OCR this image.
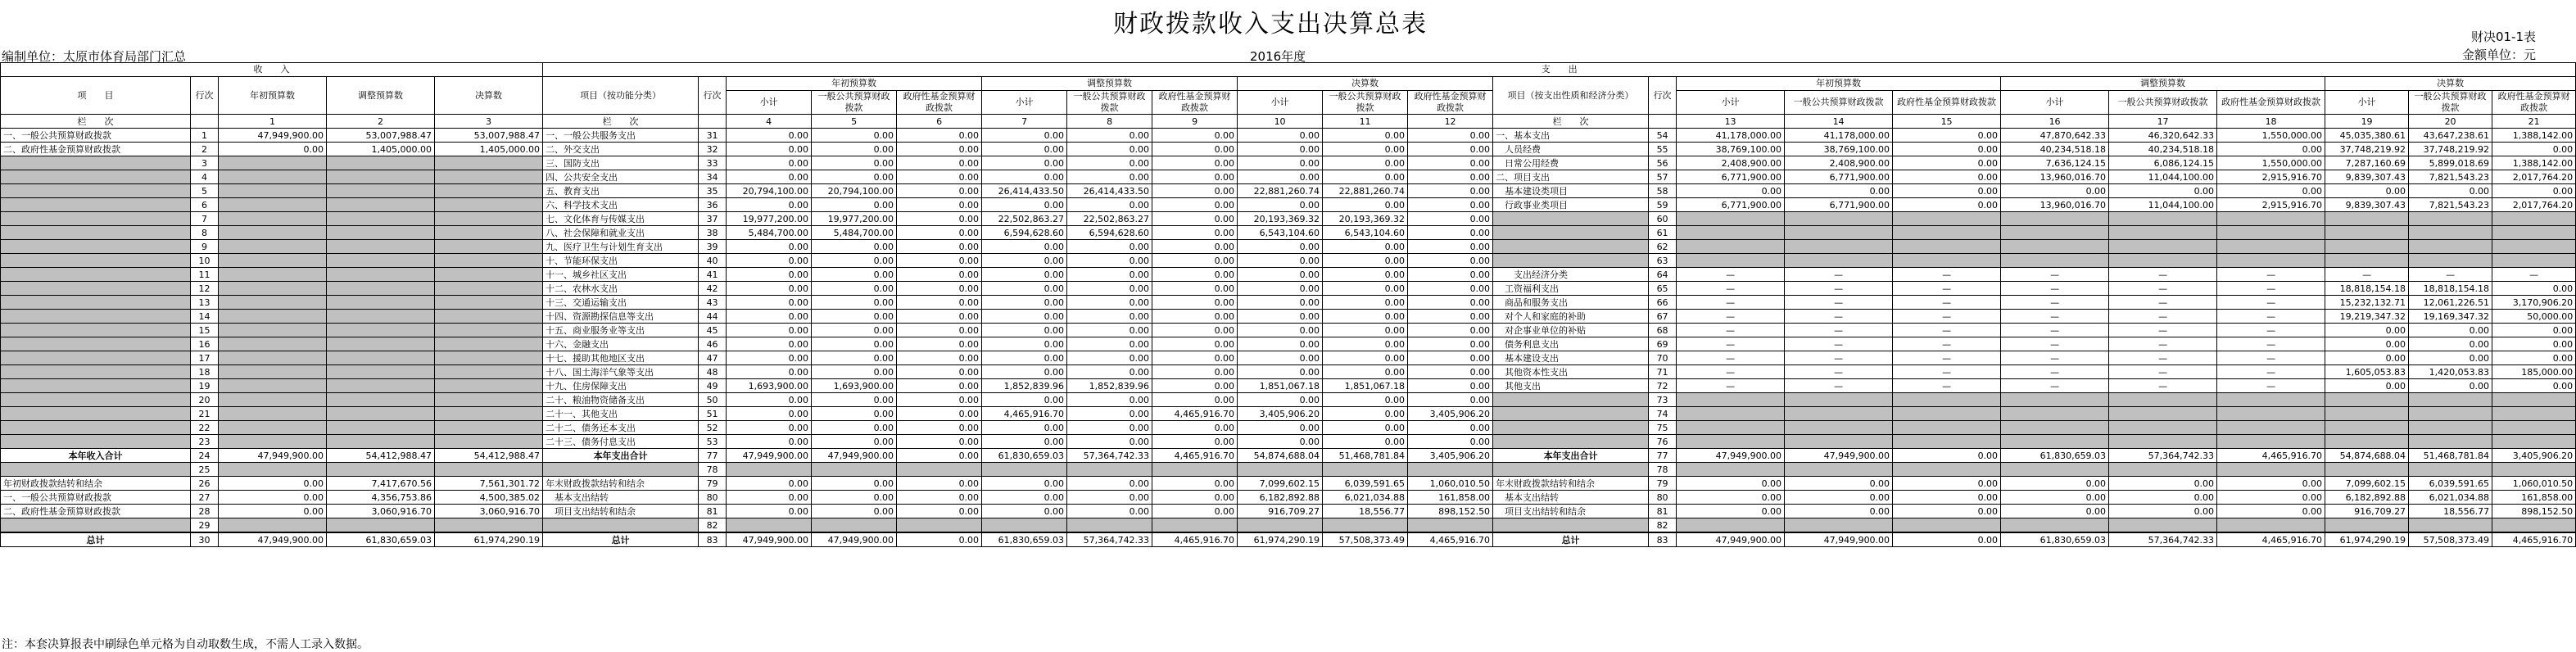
财政拨款收入支出决算总表	财决01-1表
编制单位：太原市体育局部门汇总	2016年度	金额单位：元
收　　入					支　　出																					
项　　目	行次	年初预算数	调整预算数	决算数	项目（按功能分类）	行次	年初预算数			调整预算数			决算数			项目（按支出性质和经济分类）	行次	年初预算数			调整预算数			决算数		
							小计	一般公共预算财政拨款	政府性基金预算财政拨款	小计	一般公共预算财政拨款	政府性基金预算财政拨款	小计	一般公共预算财政拨款	政府性基金预算财政拨款			小计	一般公共预算财政拨款	政府性基金预算财政拨款	小计	一般公共预算财政拨款	政府性基金预算财政拨款	小计	一般公共预算财政拨款	政府性基金预算财政拨款

栏　　次		1	2	3	栏　　次		4	5	6	7	8	9	10	11	12	栏　　次		13	14	15	16	17	18	19	20	21
一、一般公共预算财政拨款	1	47,949,900.00	53,007,988.47	53,007,988.47	一、一般公共服务支出	31	0.00	0.00	0.00	0.00	0.00	0.00	0.00	0.00	0.00	一、基本支出	54	41,178,000.00	41,178,000.00	0.00	47,870,642.33	46,320,642.33	1,550,000.00	45,035,380.61	43,647,238.61	1,388,142.00
二、政府性基金预算财政拨款	2	0.00	1,405,000.00	1,405,000.00	二、外交支出	32	0.00	0.00	0.00	0.00	0.00	0.00	0.00	0.00	0.00	　人员经费	55	38,769,100.00	38,769,100.00	0.00	40,234,518.18	40,234,518.18	0.00	37,748,219.92	37,748,219.92	0.00
	3				三、国防支出	33	0.00	0.00	0.00	0.00	0.00	0.00	0.00	0.00	0.00	　日常公用经费	56	2,408,900.00	2,408,900.00	0.00	7,636,124.15	6,086,124.15	1,550,000.00	7,287,160.69	5,899,018.69	1,388,142.00
	4				四、公共安全支出	34	0.00	0.00	0.00	0.00	0.00	0.00	0.00	0.00	0.00	二、项目支出	57	6,771,900.00	6,771,900.00	0.00	13,960,016.70	11,044,100.00	2,915,916.70	9,839,307.43	7,821,543.23	2,017,764.20
	5				五、教育支出	35	20,794,100.00	20,794,100.00	0.00	26,414,433.50	26,414,433.50	0.00	22,881,260.74	22,881,260.74	0.00	　基本建设类项目	58	0.00	0.00	0.00	0.00	0.00	0.00	0.00	0.00	0.00
	6				六、科学技术支出	36	0.00	0.00	0.00	0.00	0.00	0.00	0.00	0.00	0.00	　行政事业类项目	59	6,771,900.00	6,771,900.00	0.00	13,960,016.70	11,044,100.00	2,915,916.70	9,839,307.43	7,821,543.23	2,017,764.20
	7				七、文化体育与传媒支出	37	19,977,200.00	19,977,200.00	0.00	22,502,863.27	22,502,863.27	0.00	20,193,369.32	20,193,369.32	0.00		60									
	8				八、社会保障和就业支出	38	5,484,700.00	5,484,700.00	0.00	6,594,628.60	6,594,628.60	0.00	6,543,104.60	6,543,104.60	0.00		61									
	9				九、医疗卫生与计划生育支出	39	0.00	0.00	0.00	0.00	0.00	0.00	0.00	0.00	0.00		62									
	10				十、节能环保支出	40	0.00	0.00	0.00	0.00	0.00	0.00	0.00	0.00	0.00		63									
	11				十一、城乡社区支出	41	0.00	0.00	0.00	0.00	0.00	0.00	0.00	0.00	0.00	　　支出经济分类	64	—	—	—	—	—	—	—	—	—
	12				十二、农林水支出	42	0.00	0.00	0.00	0.00	0.00	0.00	0.00	0.00	0.00	　工资福利支出	65	—	—	—	—	—	—	18,818,154.18	18,818,154.18	0.00
	13				十三、交通运输支出	43	0.00	0.00	0.00	0.00	0.00	0.00	0.00	0.00	0.00	　商品和服务支出	66	—	—	—	—	—	—	15,232,132.71	12,061,226.51	3,170,906.20
	14				十四、资源勘探信息等支出	44	0.00	0.00	0.00	0.00	0.00	0.00	0.00	0.00	0.00	　对个人和家庭的补助	67	—	—	—	—	—	—	19,219,347.32	19,169,347.32	50,000.00
	15				十五、商业服务业等支出	45	0.00	0.00	0.00	0.00	0.00	0.00	0.00	0.00	0.00	　对企事业单位的补贴	68	—	—	—	—	—	—	0.00	0.00	0.00
	16				十六、金融支出	46	0.00	0.00	0.00	0.00	0.00	0.00	0.00	0.00	0.00	　债务利息支出	69	—	—	—	—	—	—	0.00	0.00	0.00
	17				十七、援助其他地区支出	47	0.00	0.00	0.00	0.00	0.00	0.00	0.00	0.00	0.00	　基本建设支出	70	—	—	—	—	—	—	0.00	0.00	0.00
	18				十八、国土海洋气象等支出	48	0.00	0.00	0.00	0.00	0.00	0.00	0.00	0.00	0.00	　其他资本性支出	71	—	—	—	—	—	—	1,605,053.83	1,420,053.83	185,000.00
	19				十九、住房保障支出	49	1,693,900.00	1,693,900.00	0.00	1,852,839.96	1,852,839.96	0.00	1,851,067.18	1,851,067.18	0.00	　其他支出	72	—	—	—	—	—	—	0.00	0.00	0.00
	20				二十、粮油物资储备支出	50	0.00	0.00	0.00	0.00	0.00	0.00	0.00	0.00	0.00		73									
	21				二十一、其他支出	51	0.00	0.00	0.00	4,465,916.70	0.00	4,465,916.70	3,405,906.20	0.00	3,405,906.20		74									
	22				二十二、债务还本支出	52	0.00	0.00	0.00	0.00	0.00	0.00	0.00	0.00	0.00		75									
	23				二十三、债务付息支出	53	0.00	0.00	0.00	0.00	0.00	0.00	0.00	0.00	0.00		76									
本年收入合计	24	47,949,900.00	54,412,988.47	54,412,988.47	本年支出合计	77	47,949,900.00	47,949,900.00	0.00	61,830,659.03	57,364,742.33	4,465,916.70	54,874,688.04	51,468,781.84	3,405,906.20	本年支出合计	77	47,949,900.00	47,949,900.00	0.00	61,830,659.03	57,364,742.33	4,465,916.70	54,874,688.04	51,468,781.84	3,405,906.20
	25					78											78									
年初财政拨款结转和结余	26	0.00	7,417,670.56	7,561,301.72	年末财政拨款结转和结余	79	0.00	0.00	0.00	0.00	0.00	0.00	7,099,602.15	6,039,591.65	1,060,010.50	年末财政拨款结转和结余	79	0.00	0.00	0.00	0.00	0.00	0.00	7,099,602.15	6,039,591.65	1,060,010.50
一、一般公共预算财政拨款	27	0.00	4,356,753.86	4,500,385.02	　基本支出结转	80	0.00	0.00	0.00	0.00	0.00	0.00	6,182,892.88	6,021,034.88	161,858.00	　基本支出结转	80	0.00	0.00	0.00	0.00	0.00	0.00	6,182,892.88	6,021,034.88	161,858.00
二、政府性基金预算财政拨款	28	0.00	3,060,916.70	3,060,916.70	　项目支出结转和结余	81	0.00	0.00	0.00	0.00	0.00	0.00	916,709.27	18,556.77	898,152.50	　项目支出结转和结余	81	0.00	0.00	0.00	0.00	0.00	0.00	916,709.27	18,556.77	898,152.50
	29					82											82									
总计	30	47,949,900.00	61,830,659.03	61,974,290.19	总计	83	47,949,900.00	47,949,900.00	0.00	61,830,659.03	57,364,742.33	4,465,916.70	61,974,290.19	57,508,373.49	4,465,916.70	总计	83	47,949,900.00	47,949,900.00	0.00	61,830,659.03	57,364,742.33	4,465,916.70	61,974,290.19	57,508,373.49	4,465,916.70
注：本套决算报表中刷绿色单元格为自动取数生成，不需人工录入数据。
